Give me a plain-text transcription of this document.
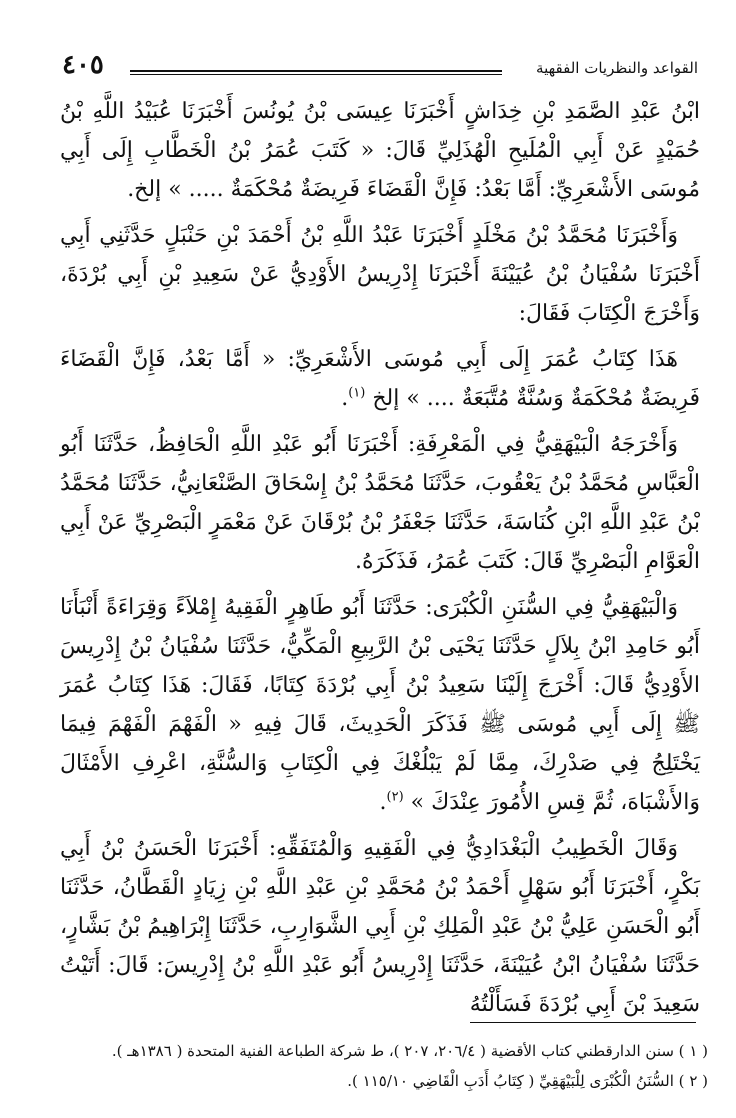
٤٠٥	القواعد والنظريات الفقهية

ابْنُ عَبْدِ الصَّمَدِ بْنِ خِدَاشٍ أَخْبَرَنَا عِيسَى بْنُ يُونُسَ أَخْبَرَنَا عُبَيْدُ اللَّهِ بْنُ حُمَيْدٍ عَنْ أَبِي الْمُلَيحِ الْهُذَلِيِّ قَالَ: « كَتَبَ عُمَرُ بْنُ الْخَطَّابِ إِلَى أَبِي مُوسَى الأَشْعَرِيِّ: أَمَّا بَعْدُ: فَإِنَّ الْقَضَاءَ فَرِيضَةٌ مُحْكَمَةٌ ..... » إلخ.

وَأَخْبَرَنَا مُحَمَّدُ بْنُ مَخْلَدٍ أَخْبَرَنَا عَبْدُ اللَّهِ بْنُ أَحْمَدَ بْنِ حَنْبَلٍ حَدَّثَنِي أَبِي أَخْبَرَنَا سُفْيَانُ بْنُ عُيَيْنَةَ أَخْبَرَنَا إِدْرِيسُ الأَوْدِيُّ عَنْ سَعِيدِ بْنِ أَبِي بُرْدَةَ، وَأَخْرَجَ الْكِتَابَ فَقَالَ:

هَذَا كِتَابُ عُمَرَ إِلَى أَبِي مُوسَى الأَشْعَرِيِّ: « أَمَّا بَعْدُ، فَإِنَّ الْقَضَاءَ فَرِيضَةٌ مُحْكَمَةٌ وَسُنَّةٌ مُتَّبَعَةٌ .... » إلخ $^{(١)}$.

وَأَخْرَجَهُ الْبَيْهَقِيُّ فِي الْمَعْرِفَةِ: أَخْبَرَنَا أَبُو عَبْدِ اللَّهِ الْحَافِظُ، حَدَّثَنَا أَبُو الْعَبَّاسِ مُحَمَّدُ بْنُ يَعْقُوبَ، حَدَّثَنَا مُحَمَّدُ بْنُ إِسْحَاقَ الصَّنْعَانِيُّ، حَدَّثَنَا مُحَمَّدُ بْنُ عَبْدِ اللَّهِ ابْنِ كُنَاسَةَ، حَدَّثَنَا جَعْفَرُ بْنُ بُرْقَانَ عَنْ مَعْمَرٍ الْبَصْرِيِّ عَنْ أَبِي الْعَوَّامِ الْبَصْرِيِّ قَالَ: كَتَبَ عُمَرُ، فَذَكَرَهُ.

وَالْبَيْهَقِيُّ فِي السُّنَنِ الْكُبْرَى: حَدَّثَنَا أَبُو طَاهِرٍ الْفَقِيهُ إِمْلاَءً وَقِرَاءَةً أَنْبَأَنَا أَبُو حَامِدِ ابْنُ بِلاَلٍ حَدَّثَنَا يَحْيَى بْنُ الرَّبِيعِ الْمَكِّيُّ، حَدَّثَنَا سُفْيَانُ بْنُ إِدْرِيسَ الأَوْدِيُّ قَالَ: أَخْرَجَ إِلَيْنَا سَعِيدُ بْنُ أَبِي بُرْدَةَ كِتَابًا، فَقَالَ: هَذَا كِتَابُ عُمَرَ ﷺ إِلَى أَبِي مُوسَى ﷺ فَذَكَرَ الْحَدِيثَ، قَالَ فِيهِ « الْفَهْمَ الْفَهْمَ فِيمَا يَخْتَلِجُ فِي صَدْرِكَ، مِمَّا لَمْ يَبْلُغْكَ فِي الْكِتَابِ وَالسُّنَّةِ، اعْرِفِ الأَمْثَالَ وَالأَشْبَاهَ، ثُمَّ قِسِ الأُمُورَ عِنْدَكَ » $^{(٢)}$.

وَقَالَ الْخَطِيبُ الْبَغْدَادِيُّ فِي الْفَقِيهِ وَالْمُتَفَقِّهِ: أَخْبَرَنَا الْحَسَنُ بْنُ أَبِي بَكْرٍ، أَخْبَرَنَا أَبُو سَهْلٍ أَحْمَدُ بْنُ مُحَمَّدِ بْنِ عَبْدِ اللَّهِ بْنِ زِيَادٍ الْقَطَّانُ، حَدَّثَنَا أَبُو الْحَسَنِ عَلِيُّ بْنُ عَبْدِ الْمَلِكِ بْنِ أَبِي الشَّوَارِبِ، حَدَّثَنَا إِبْرَاهِيمُ بْنُ بَشَّارٍ، حَدَّثَنَا سُفْيَانُ ابْنُ عُيَيْنَةَ، حَدَّثَنَا إِدْرِيسُ أَبُو عَبْدِ اللَّهِ بْنُ إِدْرِيسَ: قَالَ: أَتَيْتُ سَعِيدَ بْنَ أَبِي بُرْدَةَ فَسَأَلْتُهُ

( ١ ) سنن الدارقطني كتاب الأقضية ( ٢٠٦/٤، ٢٠٧ )، ط شركة الطباعة الفنية المتحدة ( ١٣٨٦هـ ).

( ٢ ) السُّنَنُ الْكُبْرَى لِلْبَيْهَقِيِّ ( كِتَابُ أَدَبِ الْقَاضِي ١١٥/١٠ ).
